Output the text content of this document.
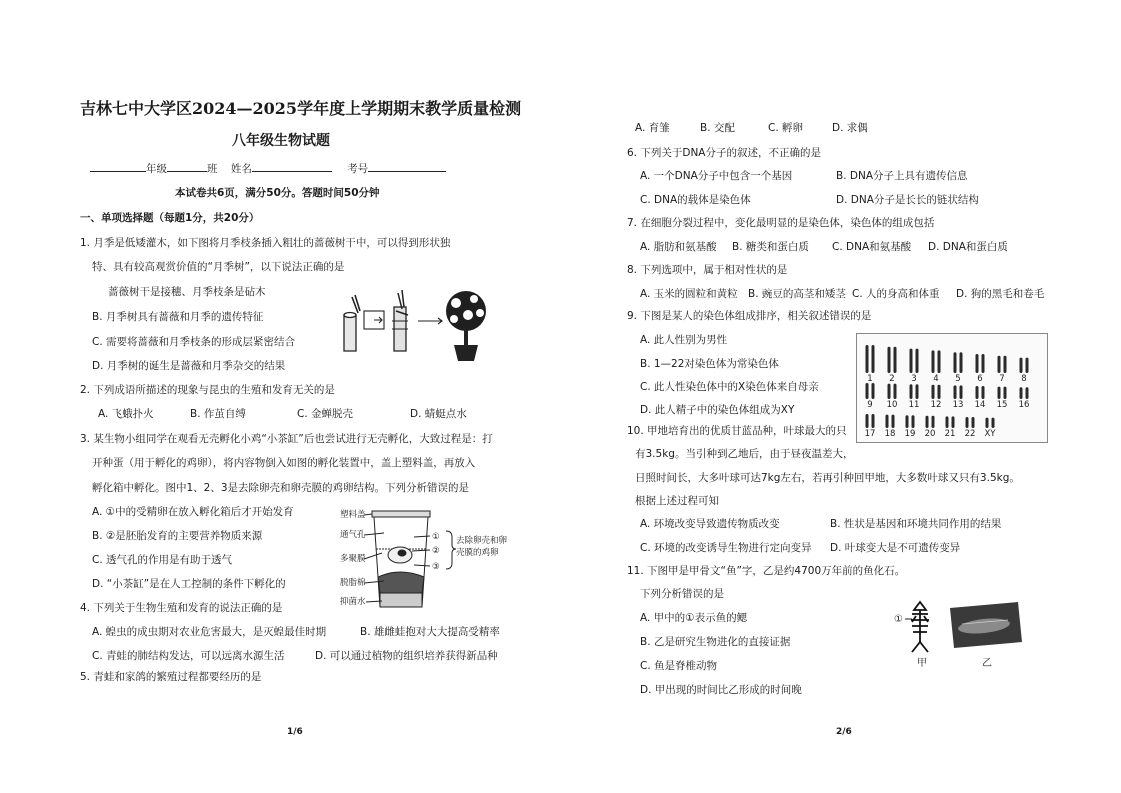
吉林七中大学区2024—2025学年度上学期期末教学质量检测
八年级生物试题
年级	班 姓名	考号
本试卷共6页，满分50分。答题时间50分钟
一、单项选择题（每题1分，共20分）
1. 月季是低矮灌木，如下图将月季枝条插入粗壮的蔷薇树干中，可以得到形状独
特、具有较高观赏价值的“月季树”，以下说法正确的是
蔷薇树干是接穗、月季枝条是砧木
B. 月季树具有蔷薇和月季的遗传特征
C. 需要将蔷薇和月季枝条的形成层紧密结合
D. 月季树的诞生是蔷薇和月季杂交的结果
2. 下列成语所描述的现象与昆虫的生殖和发育无关的是
A. 飞蛾扑火	B. 作茧自缚	C. 金蝉脱壳	D. 蜻蜓点水
3. 某生物小组同学在观看无壳孵化小鸡“小茶缸”后也尝试进行无壳孵化，大致过程是：打
开种蛋（用于孵化的鸡卵），将内容物倒入如图的孵化装置中，盖上塑料盖，再放入
孵化箱中孵化。图中1、2、3是去除卵壳和卵壳膜的鸡卵结构。下列分析错误的是
A. ①中的受精卵在放入孵化箱后才开始发育
B. ②是胚胎发育的主要营养物质来源
C. 透气孔的作用是有助于透气
D. “小茶缸”是在人工控制的条件下孵化的
塑料盖
通气孔
多聚膜
脱脂棉
抑菌水
①
②
③
去除卵壳和卵
壳膜的鸡卵
4. 下列关于生物生殖和发育的说法正确的是
A. 蝗虫的成虫期对农业危害最大，是灭蝗最佳时期	B. 雄雌蛙抱对大大提高受精率
C. 青蛙的肺结构发达，可以远离水源生活	D. 可以通过植物的组织培养获得新品种
5. 青蛙和家鸽的繁殖过程都要经历的是
1/6
A. 育雏	B. 交配	C. 孵卵	D. 求偶
6. 下列关于DNA分子的叙述，不正确的是
A. 一个DNA分子中包含一个基因	B. DNA分子上具有遗传信息
C. DNA的载体是染色体	D. DNA分子是长长的链状结构
7. 在细胞分裂过程中，变化最明显的是染色体，染色体的组成包括
A. 脂肪和氨基酸 B. 糖类和蛋白质 C. DNA和氨基酸 D. DNA和蛋白质
8. 下列选项中，属于相对性状的是
A. 玉米的圆粒和黄粒 B. 豌豆的高茎和矮茎 C. 人的身高和体重 D. 狗的黑毛和卷毛
9. 下图是某人的染色体组成排序，相关叙述错误的是
A. 此人性别为男性
B. 1—22对染色体为常染色体
C. 此人性染色体中的X染色体来自母亲
D. 此人精子中的染色体组成为XY
1 2 3 4 5 6 7 8
9 10 11 12 13 14 15 16
17 18 19 20 21 22 XY
10. 甲地培育出的优质甘蓝品种，叶球最大的只
有3.5kg。当引种到乙地后，由于昼夜温差大，
日照时间长，大多叶球可达7kg左右，若再引种回甲地，大多数叶球又只有3.5kg。
根据上述过程可知
A. 环境改变导致遗传物质改变	B. 性状是基因和环境共同作用的结果
C. 环境的改变诱导生物进行定向变异 D. 叶球变大是不可遗传变异
11. 下图甲是甲骨文“鱼”字，乙是约4700万年前的鱼化石。
下列分析错误的是
A. 甲中的①表示鱼的鳃
B. 乙是研究生物进化的直接证据
C. 鱼是脊椎动物
D. 甲出现的时间比乙形成的时间晚
①
甲	乙
2/6
